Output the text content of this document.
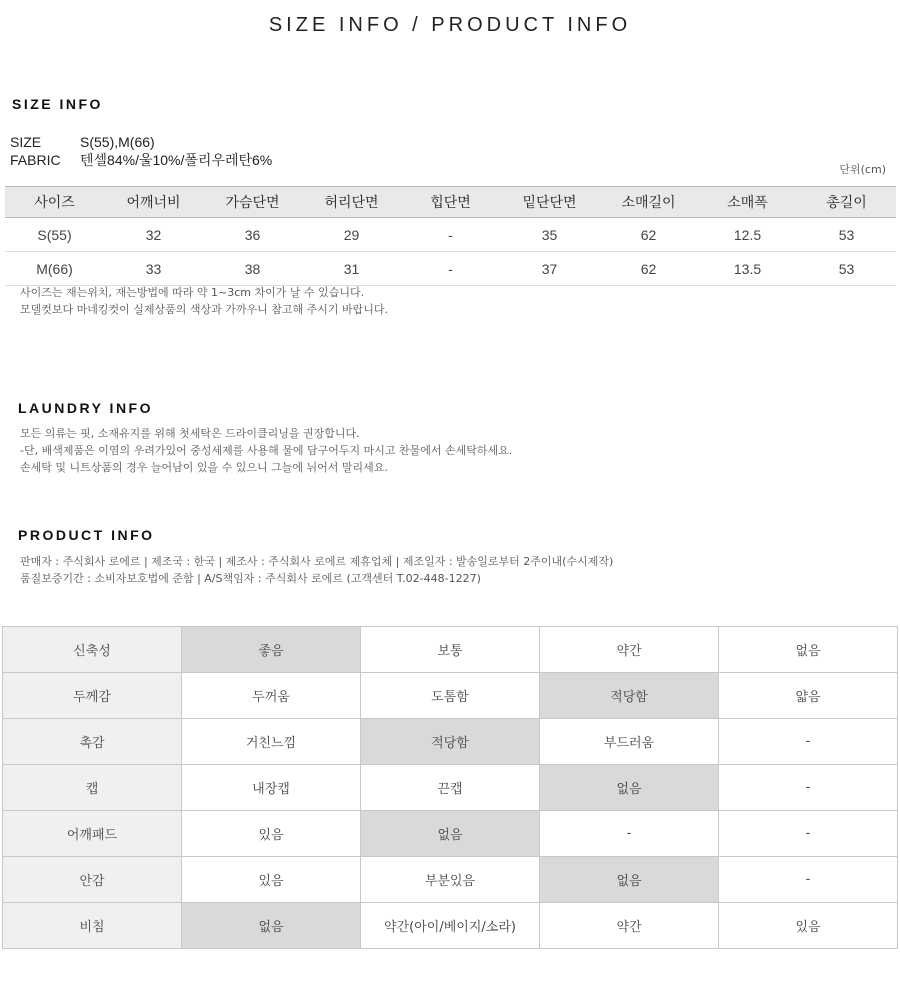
SIZE INFO / PRODUCT INFO
SIZE INFO
SIZE	S(55),M(66)
FABRIC 텐셀84%/울10%/폴리우레탄6%
단위(cm)
사이즈	어깨너비	가슴단면	허리단면	힙단면	밑단단면	소매길이	소매폭	총길이
S(55)	32	36	29	-	35	62	12.5	53
M(66)	33	38	31	-	37	62	13.5	53
사이즈는 재는위치, 재는방법에 따라 약 1~3cm 차이가 날 수 있습니다.
모델컷보다 마네킹컷이 실제상품의 색상과 가까우니 참고해 주시기 바랍니다.
LAUNDRY INFO
모든 의류는 핏, 소재유지를 위해 첫세탁은 드라이클리닝을 권장합니다.
-단, 배색제품은 이염의 우려가있어 중성세제를 사용해 물에 담구어두지 마시고 찬물에서 손세탁하세요.
손세탁 및 니트상품의 경우 늘어남이 있을 수 있으니 그늘에 뉘어서 말리세요.
PRODUCT INFO
판매자 : 주식회사 로에르 | 제조국 : 한국 | 제조사 : 주식회사 로에르 제휴업체 | 제조일자 : 발송일로부터 2주이내(수시제작)
품질보증기간 : 소비자보호법에 준함 | A/S책임자 : 주식회사 로에르 (고객센터 T.02-448-1227)
신축성	좋음	보통	약간	없음
두께감	두꺼움	도톰함	적당함	얇음
촉감	거친느낌	적당함	부드러움	-
캡	내장캡	끈캡	없음	-
어깨패드	있음	없음	-	-
안감	있음	부분있음	없음	-
비침	없음	약간(아이/베이지/소라)	약간	있음
